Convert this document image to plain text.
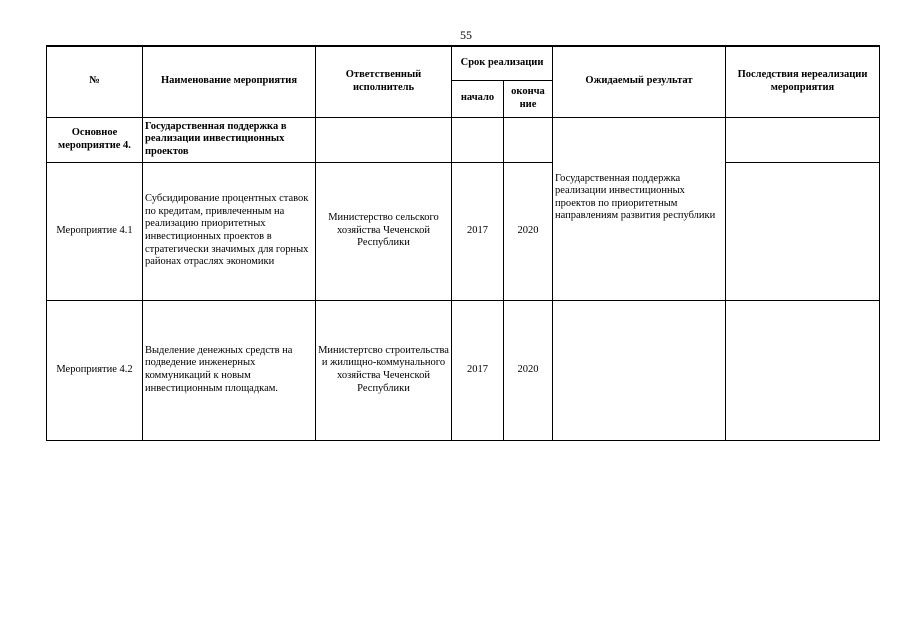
55
№	Наименование мероприятия	Ответственный исполнитель	Срок реализации		Ожидаемый результат	Последствия нереализации мероприятия
			начало	оконча ние		
Основное мероприятие 4.	Государственная поддержка в реализации инвестиционных проектов				Государственная поддержка реализации инвестиционных проектов по приоритетным направлениям развития республики	
Мероприятие 4.1	Субсидирование процентных ставок по кредитам, привлеченным на реализацию приоритетных инвестиционных проектов в стратегически значимых для горных районах отраслях экономики	Министерство сельского хозяйства Чеченской Республики	2017	2020		
Мероприятие 4.2	Выделение денежных средств на подведение инженерных коммуникаций к новым инвестиционным площадкам.	Министертсво строительства и жилищно-коммунального хозяйства Чеченской Республики	2017	2020		
